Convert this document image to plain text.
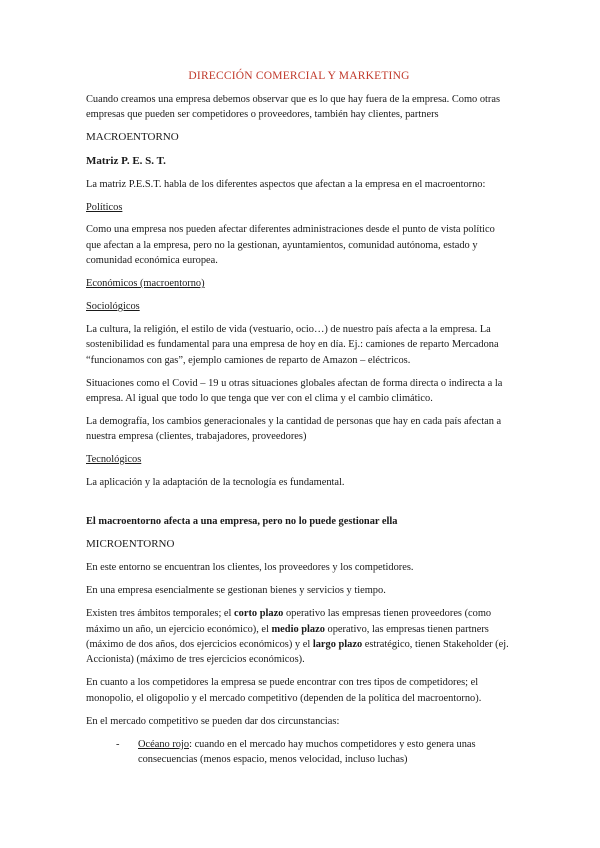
DIRECCIÓN COMERCIAL Y MARKETING

Cuando creamos una empresa debemos observar que es lo que hay fuera de la empresa. Como otras empresas que pueden ser competidores o proveedores, también hay clientes, partners

MACROENTORNO

Matriz P. E. S. T.

La matriz P.E.S.T. habla de los diferentes aspectos que afectan a la empresa en el macroentorno:

Políticos

Como una empresa nos pueden afectar diferentes administraciones desde el punto de vista político que afectan a la empresa, pero no la gestionan, ayuntamientos, comunidad autónoma, estado y comunidad económica europea.

Económicos (macroentorno)

Sociológicos

La cultura, la religión, el estilo de vida (vestuario, ocio…) de nuestro país afecta a la empresa. La sostenibilidad es fundamental para una empresa de hoy en día. Ej.: camiones de reparto Mercadona “funcionamos con gas”, ejemplo camiones de reparto de Amazon – eléctricos.

Situaciones como el Covid – 19 u otras situaciones globales afectan de forma directa o indirecta a la empresa. Al igual que todo lo que tenga que ver con el clima y el cambio climático.

La demografía, los cambios generacionales y la cantidad de personas que hay en cada país afectan a nuestra empresa (clientes, trabajadores, proveedores)

Tecnológicos

La aplicación y la adaptación de la tecnología es fundamental.

El macroentorno afecta a una empresa, pero no lo puede gestionar ella

MICROENTORNO

En este entorno se encuentran los clientes, los proveedores y los competidores.

En una empresa esencialmente se gestionan bienes y servicios y tiempo.

Existen tres ámbitos temporales; el corto plazo operativo las empresas tienen proveedores (como máximo un año, un ejercicio económico), el medio plazo operativo, las empresas tienen partners (máximo de dos años, dos ejercicios económicos) y el largo plazo estratégico, tienen Stakeholder (ej. Accionista) (máximo de tres ejercicios económicos).

En cuanto a los competidores la empresa se puede encontrar con tres tipos de competidores; el monopolio, el oligopolio y el mercado competitivo (dependen de la política del macroentorno).

En el mercado competitivo se pueden dar dos circunstancias:

- Océano rojo: cuando en el mercado hay muchos competidores y esto genera unas consecuencias (menos espacio, menos velocidad, incluso luchas)
